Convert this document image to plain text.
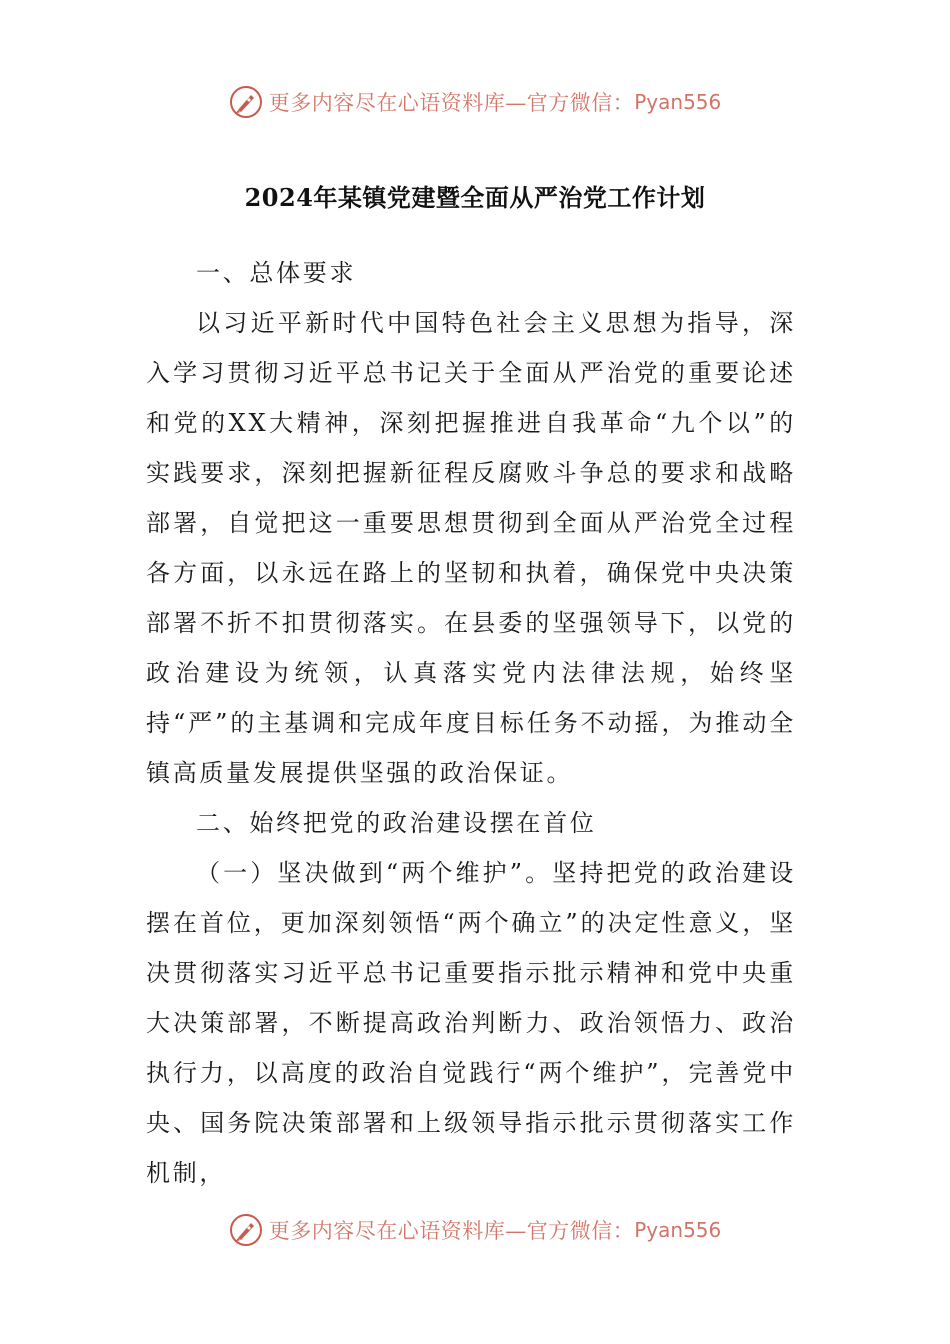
更多内容尽在心语资料库—官方微信： Pyan556
2024年某镇党建暨全面从严治党工作计划

一、总体要求

以习近平新时代中国特色社会主义思想为指导，深入学习贯彻习近平总书记关于全面从严治党的重要论述和党的XX大精神，深刻把握推进自我革命“九个以”的实践要求，深刻把握新征程反腐败斗争总的要求和战略部署，自觉把这一重要思想贯彻到全面从严治党全过程各方面，以永远在路上的坚韧和执着，确保党中央决策部署不折不扣贯彻落实。在县委的坚强领导下，以党的政治建设为统领，认真落实党内法律法规，始终坚持“严”的主基调和完成年度目标任务不动摇，为推动全镇高质量发展提供坚强的政治保证。

二、始终把党的政治建设摆在首位

（一）坚决做到“两个维护”。坚持把党的政治建设摆在首位，更加深刻领悟“两个确立”的决定性意义，坚决贯彻落实习近平总书记重要指示批示精神和党中央重大决策部署，不断提高政治判断力、政治领悟力、政治执行力，以高度的政治自觉践行“两个维护”，完善党中央、国务院决策部署和上级领导指示批示贯彻落实工作机制，

更多内容尽在心语资料库—官方微信： Pyan556
